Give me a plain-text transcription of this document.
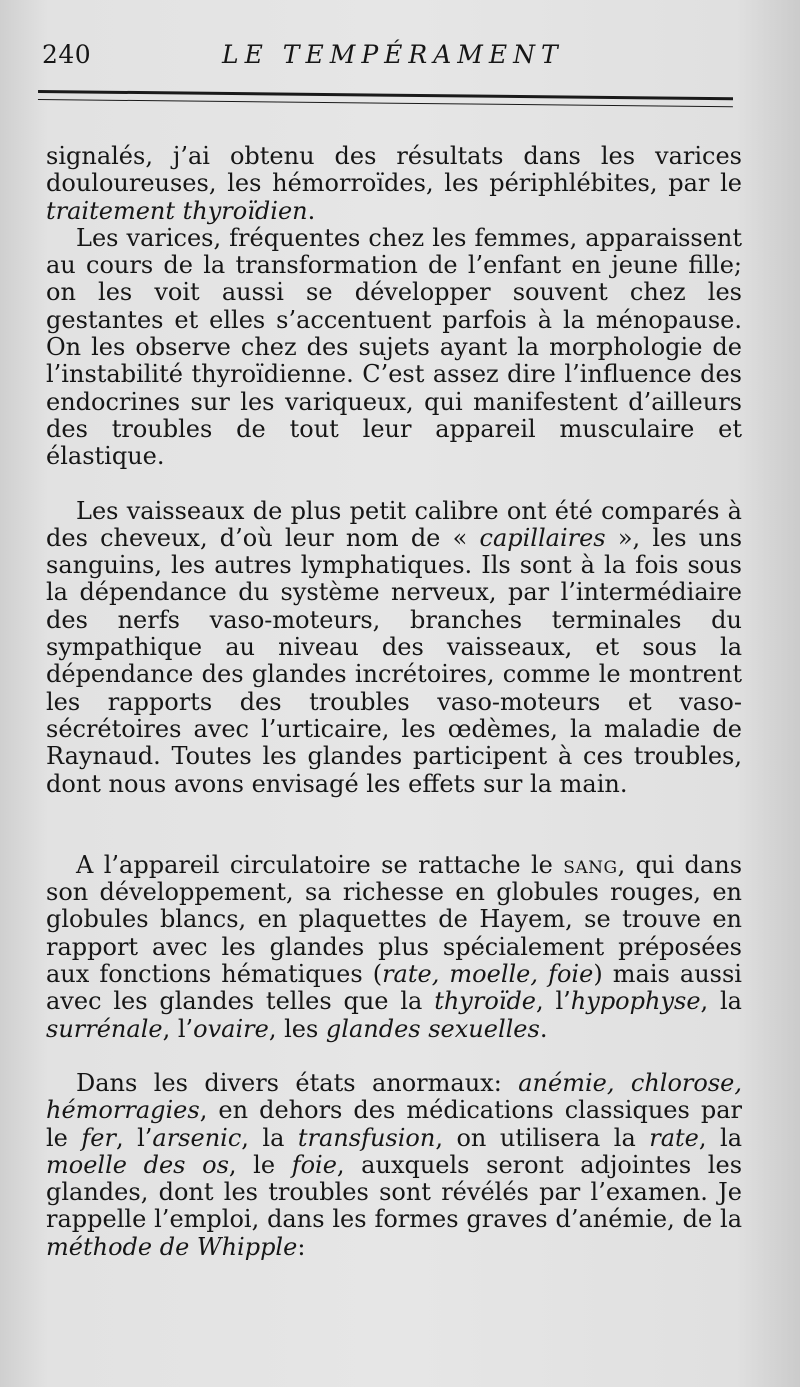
240	LE TEMPÉRAMENT

signalés, j’ai obtenu des résultats dans les varices douloureuses, les hémorroïdes, les périphlébites, par le traitement thyroïdien.

Les varices, fréquentes chez les femmes, apparaissent au cours de la transformation de l’enfant en jeune fille; on les voit aussi se développer souvent chez les gestantes et elles s’accentuent parfois à la ménopause. On les observe chez des sujets ayant la morphologie de l’instabilité thyroïdienne. C’est assez dire l’influence des endocrines sur les variqueux, qui manifestent d’ailleurs des troubles de tout leur appareil musculaire et élastique.

Les vaisseaux de plus petit calibre ont été comparés à des cheveux, d’où leur nom de « capillaires », les uns sanguins, les autres lymphatiques. Ils sont à la fois sous la dépendance du système nerveux, par l’intermédiaire des nerfs vaso-moteurs, branches terminales du sympathique au niveau des vaisseaux, et sous la dépendance des glandes incrétoires, comme le montrent les rapports des troubles vaso-moteurs et vaso-sécrétoires avec l’urticaire, les œdèmes, la maladie de Raynaud. Toutes les glandes participent à ces troubles, dont nous avons envisagé les effets sur la main.

A l’appareil circulatoire se rattache le sang, qui dans son développement, sa richesse en globules rouges, en globules blancs, en plaquettes de Hayem, se trouve en rapport avec les glandes plus spécialement préposées aux fonctions hématiques (rate, moelle, foie) mais aussi avec les glandes telles que la thyroïde, l’hypophyse, la surrénale, l’ovaire, les glandes sexuelles.

Dans les divers états anormaux: anémie, chlorose, hémorragies, en dehors des médications classiques par le fer, l’arsenic, la transfusion, on utilisera la rate, la moelle des os, le foie, auxquels seront adjointes les glandes, dont les troubles sont révélés par l’examen. Je rappelle l’emploi, dans les formes graves d’anémie, de la méthode de Whipple:
